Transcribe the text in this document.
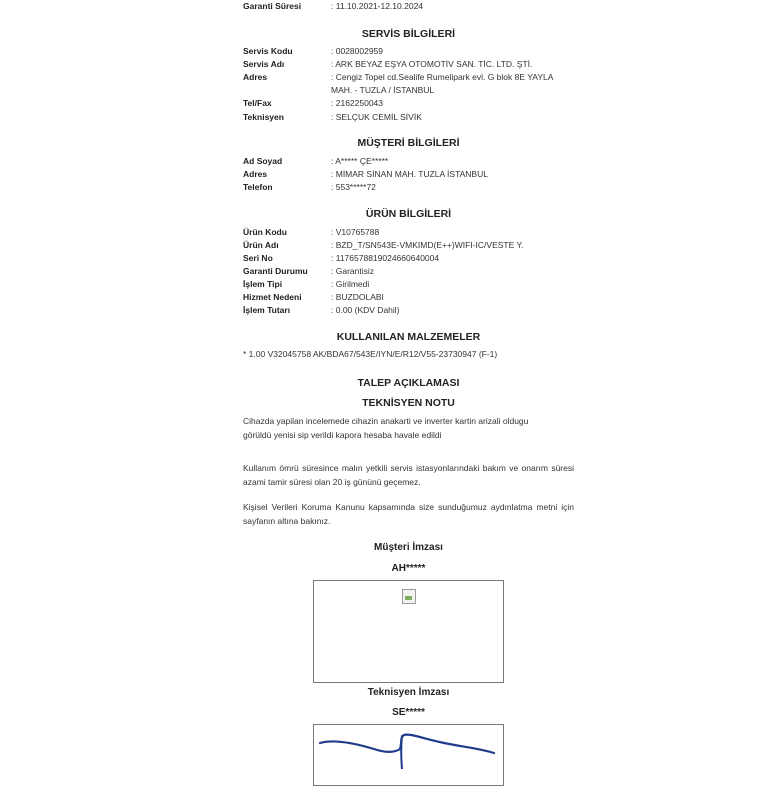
Garanti Süresi	: 11.10.2021-12.10.2024
SERVİS BİLGİLERİ
Servis Kodu	: 0028002959
Servis Adı	: ARK BEYAZ EŞYA OTOMOTİV SAN. TİC. LTD. ŞTİ.
Adres	: Cengiz Topel cd.Sealife Rumelipark evl. G blok 8E YAYLA MAH. - TUZLA / İSTANBUL
Tel/Fax	: 2162250043
Teknisyen	: SELÇUK CEMİL SİVİK
MÜŞTERİ BİLGİLERİ
Ad Soyad	: A***** ÇE*****
Adres	: MİMAR SİNAN MAH. TUZLA İSTANBUL
Telefon	: 553*****72
ÜRÜN BİLGİLERİ
Ürün Kodu	: V10765788
Ürün Adı	: BZD_T/SN543E-VMKIMD(E++)WIFI-IC/VESTE Y.
Seri No	: 1176578819024660640004
Garanti Durumu	: Garantisiz
İşlem Tipi	: Girilmedi
Hizmet Nedeni	: BUZDOLABI
İşlem Tutarı	: 0.00 (KDV Dahil)
KULLANILAN MALZEMELER
* 1.00 V32045758 AK/BDA67/543E/IYN/E/R12/V55-23730947 (F-1)
TALEP AÇIKLAMASI
TEKNİSYEN NOTU
Cihazda yapilan incelemede cihazin anakarti ve inverter kartin arizali oldugu görüldü yenisi sip verildi kapora hesaba havale edildi
Kullanım ömrü süresince malın yetkili servis istasyonlarındaki bakım ve onarım süresi azami tamir süresi olan 20 iş gününü geçemez.
Kişisel Verileri Koruma Kanunu kapsamında size sunduğumuz aydınlatma metni için sayfanın altına bakınız.
Müşteri İmzası
AH*****
Teknisyen İmzası
SE*****
